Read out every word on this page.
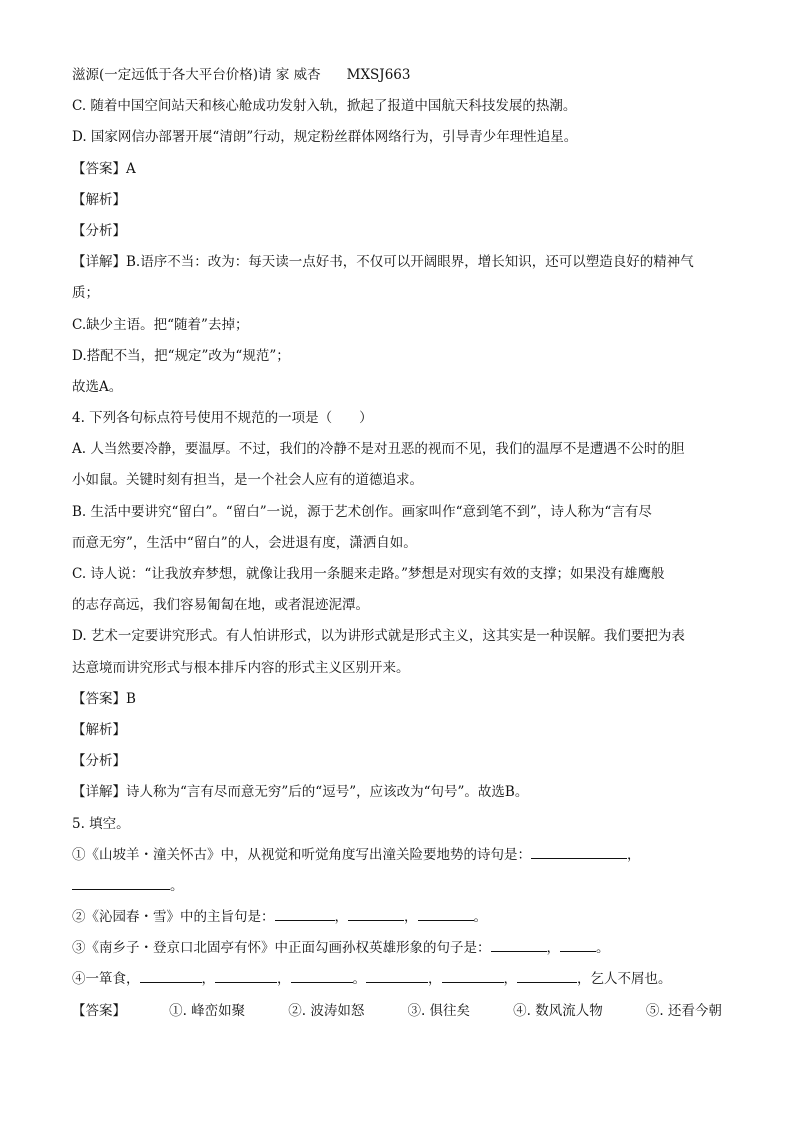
滋源(一定远低于各大平台价格)请 家 威杏 MXSJ663
C. 随着中国空间站天和核心舱成功发射入轨，掀起了报道中国航天科技发展的热潮。
D. 国家网信办部署开展“清朗”行动，规定粉丝群体网络行为，引导青少年理性追星。
【答案】A
【解析】
【分析】
【详解】B.语序不当：改为：每天读一点好书，不仅可以开阔眼界，增长知识，还可以塑造良好的精神气
质；
C.缺少主语。把“随着”去掉；
D.搭配不当，把“规定”改为“规范”；
故选A。
4. 下列各句标点符号使用不规范的一项是（　　）
A. 人当然要冷静，要温厚。不过，我们的冷静不是对丑恶的视而不见，我们的温厚不是遭遇不公时的胆
小如鼠。关键时刻有担当，是一个社会人应有的道德追求。
B. 生活中要讲究“留白”。“留白”一说，源于艺术创作。画家叫作“意到笔不到”，诗人称为“言有尽
而意无穷”，生活中“留白”的人，会进退有度，潇洒自如。
C. 诗人说：“让我放弃梦想，就像让我用一条腿来走路。”梦想是对现实有效的支撑；如果没有雄鹰般
的志存高远，我们容易匍匐在地，或者混迹泥潭。
D. 艺术一定要讲究形式。有人怕讲形式，以为讲形式就是形式主义，这其实是一种误解。我们要把为表
达意境而讲究形式与根本排斥内容的形式主义区别开来。
【答案】B
【解析】
【分析】
【详解】诗人称为“言有尽而意无穷”后的“逗号”，应该改为“句号”。故选B。
5. 填空。
①《山坡羊・潼关怀古》中，从视觉和听觉角度写出潼关险要地势的诗句是：	，
。
②《沁园春・雪》中的主旨句是：	，	，	。
③《南乡子・登京口北固亭有怀》中正面勾画孙权英雄形象的句子是：	，	。
④一箪食，	，	，	。	，	，	，乞人不屑也。
【答案】	①. 峰峦如聚	②. 波涛如怒	③. 俱往矣	④. 数风流人物	⑤. 还看今朝
